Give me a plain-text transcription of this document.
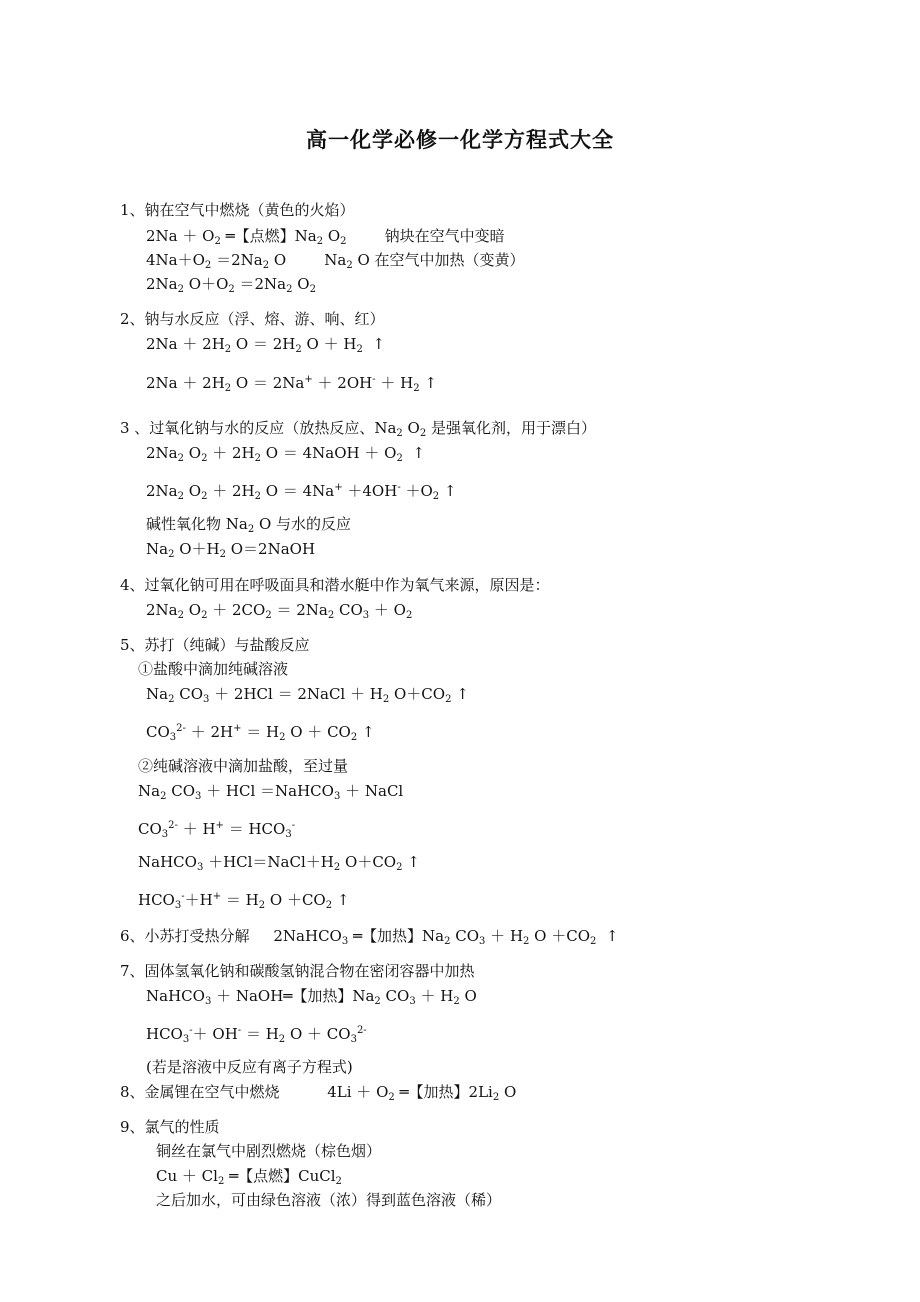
高一化学必修一化学方程式大全
1、钠在空气中燃烧（黄色的火焰）
$2Na + O_2$ ═【点燃】$Na_2$ $O_2$        钠块在空气中变暗
$4Na+O_2 =2Na_2$ O        $Na_2$ O 在空气中加热（变黄）
$2Na_2$ $O+O_2 =2Na_2$ $O_2$
2、钠与水反应（浮、熔、游、响、红）
$2Na + 2H_2$ $O = 2H_2$ $O + H_2$  ↑
$2Na + 2H_2$ $O = 2Na^+ + 2OH^- + H_2$ ↑
3 、过氧化钠与水的反应（放热反应、$Na_2$ $O_2$ 是强氧化剂，用于漂白）
$2Na_2$ $O_2 + 2H_2$ O ＝ 4NaOH ＋ $O_2$  ↑
$2Na_2$ $O_2 + 2H_2$ $O = 4Na^+ +4OH^- +O_2$ ↑
碱性氧化物 $Na_2$ O 与水的反应
$Na_2$ $O+H_2$ O＝2NaOH
4、过氧化钠可用在呼吸面具和潜水艇中作为氧气来源，原因是：
$2Na_2$ $O_2 + 2CO_2 = 2Na_2$ $CO_3 + O_2$
5、苏打（纯碱）与盐酸反应
①盐酸中滴加纯碱溶液
$Na_2$ $CO_3 + 2HCl$ ＝ 2NaCl ＋ $H_2$ $O+CO_2$ ↑
$CO_3^{2-} + 2H^+ = H_2$ $O + CO_2$ ↑
②纯碱溶液中滴加盐酸，至过量
$Na_2$ $CO_3$ ＋ HCl ＝NaHCO$_3$ ＋ NaCl
$CO_3^{2-} + H^+ = HCO_3^-$
NaHCO$_3$ $+HCl=NaCl+H_2$ $O+CO_2$ ↑
$HCO_3^-+H^+ = H_2$ $O +CO_2$ ↑
6、小苏打受热分解     2NaHCO$_3$ ═【加热】$Na_2$ $CO_3 + H_2$ $O +CO_2$  ↑
7、固体氢氧化钠和碳酸氢钠混合物在密闭容器中加热
NaHCO$_3$ ＋ NaOH═【加热】$Na_2$ $CO_3 + H_2$ O
$HCO_3^-+ OH^- = H_2$ $O + CO_3^{2-}$
(若是溶液中反应有离子方程式)
8、金属锂在空气中燃烧          $4Li + O_2$ ═【加热】$2Li_2$ O
9、氯气的性质
铜丝在氯气中剧烈燃烧（棕色烟）
$Cu + Cl_2$ ═【点燃】CuCl$_2$
之后加水，可由绿色溶液（浓）得到蓝色溶液（稀）
